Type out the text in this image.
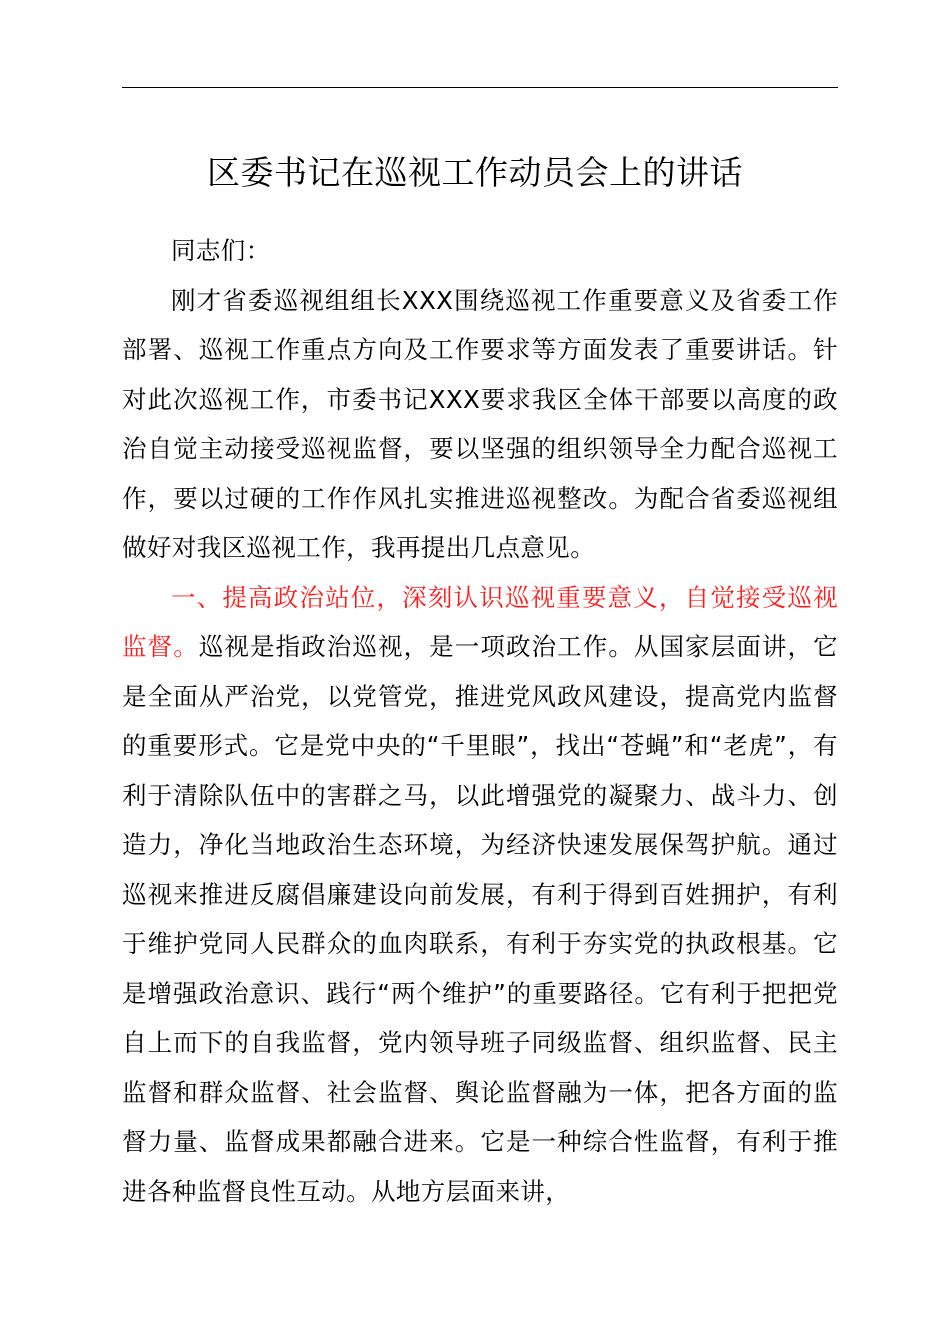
区委书记在巡视工作动员会上的讲话

同志们：

刚才省委巡视组组长XXX围绕巡视工作重要意义及省委工作部署、巡视工作重点方向及工作要求等方面发表了重要讲话。针对此次巡视工作，市委书记XXX要求我区全体干部要以高度的政治自觉主动接受巡视监督，要以坚强的组织领导全力配合巡视工作，要以过硬的工作作风扎实推进巡视整改。为配合省委巡视组做好对我区巡视工作，我再提出几点意见。

一、提高政治站位，深刻认识巡视重要意义，自觉接受巡视监督。巡视是指政治巡视，是一项政治工作。从国家层面讲，它是全面从严治党，以党管党，推进党风政风建设，提高党内监督的重要形式。它是党中央的“千里眼”，找出“苍蝇”和“老虎”，有利于清除队伍中的害群之马，以此增强党的凝聚力、战斗力、创造力，净化当地政治生态环境，为经济快速发展保驾护航。通过巡视来推进反腐倡廉建设向前发展，有利于得到百姓拥护，有利于维护党同人民群众的血肉联系，有利于夯实党的执政根基。它是增强政治意识、践行“两个维护”的重要路径。它有利于把把党自上而下的自我监督，党内领导班子同级监督、组织监督、民主监督和群众监督、社会监督、舆论监督融为一体，把各方面的监督力量、监督成果都融合进来。它是一种综合性监督，有利于推进各种监督良性互动。从地方层面来讲，
